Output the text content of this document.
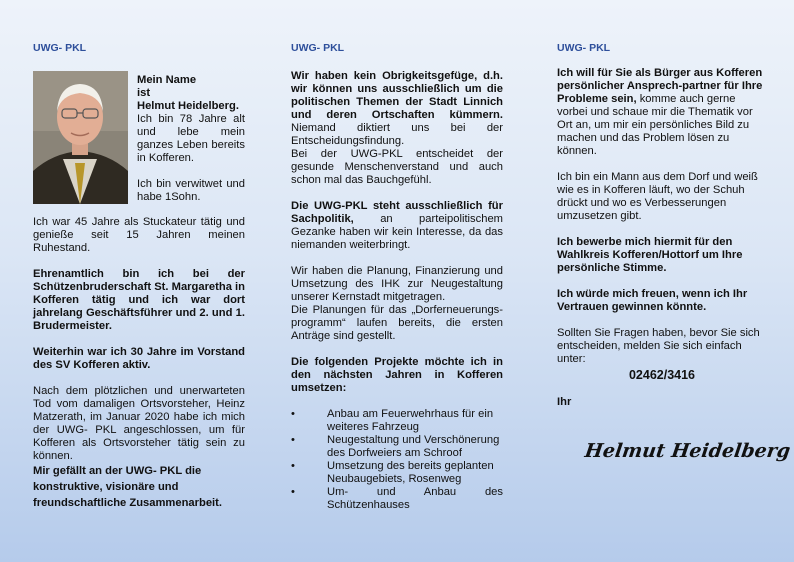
UWG- PKL	UWG- PKL	UWG- PKL

Mein Name

ist

Helmut Heidelberg.

Ich bin 78 Jahre alt und lebe mein ganzes Leben bereits in Kofferen.

Ich bin verwitwet und habe 1Sohn.

Ich war 45 Jahre als Stuckateur tätig und genieße seit 15 Jahren meinen Ruhestand.

Ehrenamtlich bin ich bei der Schützenbruderschaft St. Margaretha in Kofferen tätig und ich war dort jahrelang Geschäftsführer und 2. und 1. Brudermeister.

Weiterhin war ich 30 Jahre im Vorstand des SV Kofferen aktiv.

Nach dem plötzlichen und unerwarteten Tod vom damaligen Ortsvorsteher, Heinz Matzerath, im Januar 2020 habe ich mich der UWG- PKL angeschlossen, um für Kofferen als Ortsvorsteher tätig sein zu können.

Mir gefällt an der UWG- PKL die konstruktive, visionäre und freundschaftliche Zusammenarbeit.

Wir haben kein Obrigkeitsgefüge, d.h. wir können uns ausschließlich um die politischen Themen der Stadt Linnich und deren Ortschaften kümmern. Niemand diktiert uns bei der Entscheidungsfindung.

Bei der UWG-PKL entscheidet der gesunde Menschenverstand und auch schon mal das Bauchgefühl.

Die UWG-PKL steht ausschließlich für Sachpolitik, an parteipolitischem Gezanke haben wir kein Interesse, da das niemanden weiterbringt.

Wir haben die Planung, Finanzierung und Umsetzung des IHK zur Neugestaltung unserer Kernstadt mitgetragen.

Die Planungen für das „Dorferneuerungs-programm“ laufen bereits, die ersten Anträge sind gestellt.

Die folgenden Projekte möchte ich in den nächsten Jahren in Kofferen umsetzen:

•	Anbau am Feuerwehrhaus für ein weiteres Fahrzeug
•	Neugestaltung und Verschönerung des Dorfweiers am Schroof
•	Umsetzung des bereits geplanten Neubaugebiets, Rosenweg
•	Um- und Anbau des Schützenhauses

Ich will für Sie als Bürger aus Kofferen persönlicher Ansprech-partner für Ihre Probleme sein, komme auch gerne vorbei und schaue mir die Thematik vor Ort an, um mir ein persönliches Bild zu machen und das Problem lösen zu können.

Ich bin ein Mann aus dem Dorf und weiß wie es in Kofferen läuft, wo der Schuh drückt und wo es Verbesserungen umzusetzen gibt.

Ich bewerbe mich hiermit für den Wahlkreis Kofferen/Hottorf um Ihre persönliche Stimme.

Ich würde mich freuen, wenn ich Ihr Vertrauen gewinnen könnte.

Sollten Sie Fragen haben, bevor Sie sich entscheiden, melden Sie sich einfach unter:

02462/3416

Ihr

Helmut Heidelberg
